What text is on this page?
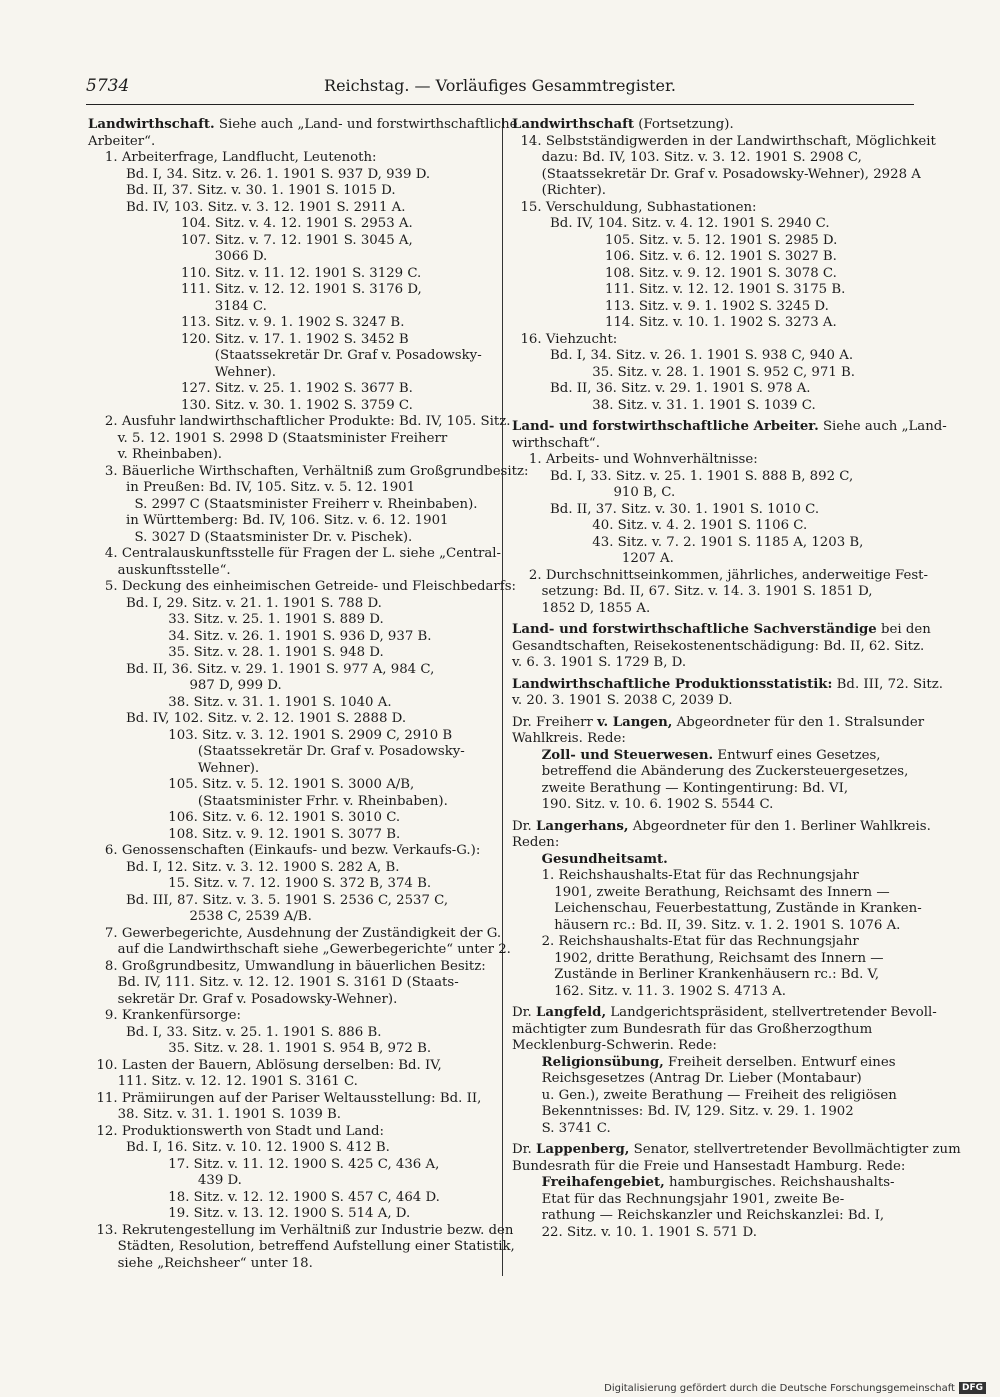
5734	Reichstag. — Vorläufiges Gesammtregister.
Landwirthschaft. Siehe auch „Land- und forstwirthschaftliche
Arbeiter“.
1. Arbeiterfrage, Landflucht, Leutenoth:
Bd. I, 34. Sitz. v. 26. 1. 1901 S. 937 D, 939 D.
Bd. II, 37. Sitz. v. 30. 1. 1901 S. 1015 D.
Bd. IV, 103. Sitz. v. 3. 12. 1901 S. 2911 A.
104. Sitz. v. 4. 12. 1901 S. 2953 A.
107. Sitz. v. 7. 12. 1901 S. 3045 A,
3066 D.
110. Sitz. v. 11. 12. 1901 S. 3129 C.
111. Sitz. v. 12. 12. 1901 S. 3176 D,
3184 C.
113. Sitz. v. 9. 1. 1902 S. 3247 B.
120. Sitz. v. 17. 1. 1902 S. 3452 B
(Staatssekretär Dr. Graf v. Posadowsky-
Wehner).
127. Sitz. v. 25. 1. 1902 S. 3677 B.
130. Sitz. v. 30. 1. 1902 S. 3759 C.
2. Ausfuhr landwirthschaftlicher Produkte: Bd. IV, 105. Sitz.
v. 5. 12. 1901 S. 2998 D (Staatsminister Freiherr
v. Rheinbaben).
3. Bäuerliche Wirthschaften, Verhältniß zum Großgrundbesitz:
in Preußen: Bd. IV, 105. Sitz. v. 5. 12. 1901
S. 2997 C (Staatsminister Freiherr v. Rheinbaben).
in Württemberg: Bd. IV, 106. Sitz. v. 6. 12. 1901
S. 3027 D (Staatsminister Dr. v. Pischek).
4. Centralauskunftsstelle für Fragen der L. siehe „Central-
auskunftsstelle“.
5. Deckung des einheimischen Getreide- und Fleischbedarfs:
Bd. I, 29. Sitz. v. 21. 1. 1901 S. 788 D.
33. Sitz. v. 25. 1. 1901 S. 889 D.
34. Sitz. v. 26. 1. 1901 S. 936 D, 937 B.
35. Sitz. v. 28. 1. 1901 S. 948 D.
Bd. II, 36. Sitz. v. 29. 1. 1901 S. 977 A, 984 C,
987 D, 999 D.
38. Sitz. v. 31. 1. 1901 S. 1040 A.
Bd. IV, 102. Sitz. v. 2. 12. 1901 S. 2888 D.
103. Sitz. v. 3. 12. 1901 S. 2909 C, 2910 B
(Staatssekretär Dr. Graf v. Posadowsky-
Wehner).
105. Sitz. v. 5. 12. 1901 S. 3000 A/B,
(Staatsminister Frhr. v. Rheinbaben).
106. Sitz. v. 6. 12. 1901 S. 3010 C.
108. Sitz. v. 9. 12. 1901 S. 3077 B.
6. Genossenschaften (Einkaufs- und bezw. Verkaufs-G.):
Bd. I, 12. Sitz. v. 3. 12. 1900 S. 282 A, B.
15. Sitz. v. 7. 12. 1900 S. 372 B, 374 B.
Bd. III, 87. Sitz. v. 3. 5. 1901 S. 2536 C, 2537 C,
2538 C, 2539 A/B.
7. Gewerbegerichte, Ausdehnung der Zuständigkeit der G.
auf die Landwirthschaft siehe „Gewerbegerichte“ unter 2.
8. Großgrundbesitz, Umwandlung in bäuerlichen Besitz:
Bd. IV, 111. Sitz. v. 12. 12. 1901 S. 3161 D (Staats-
sekretär Dr. Graf v. Posadowsky-Wehner).
9. Krankenfürsorge:
Bd. I, 33. Sitz. v. 25. 1. 1901 S. 886 B.
35. Sitz. v. 28. 1. 1901 S. 954 B, 972 B.
10. Lasten der Bauern, Ablösung derselben: Bd. IV,
111. Sitz. v. 12. 12. 1901 S. 3161 C.
11. Prämiirungen auf der Pariser Weltausstellung: Bd. II,
38. Sitz. v. 31. 1. 1901 S. 1039 B.
12. Produktionswerth von Stadt und Land:
Bd. I, 16. Sitz. v. 10. 12. 1900 S. 412 B.
17. Sitz. v. 11. 12. 1900 S. 425 C, 436 A,
439 D.
18. Sitz. v. 12. 12. 1900 S. 457 C, 464 D.
19. Sitz. v. 13. 12. 1900 S. 514 A, D.
13. Rekrutengestellung im Verhältniß zur Industrie bezw. den
Städten, Resolution, betreffend Aufstellung einer Statistik,
siehe „Reichsheer“ unter 18.
Landwirthschaft (Fortsetzung).
14. Selbstständigwerden in der Landwirthschaft, Möglichkeit
dazu: Bd. IV, 103. Sitz. v. 3. 12. 1901 S. 2908 C,
(Staatssekretär Dr. Graf v. Posadowsky-Wehner), 2928 A
(Richter).
15. Verschuldung, Subhastationen:
Bd. IV, 104. Sitz. v. 4. 12. 1901 S. 2940 C.
105. Sitz. v. 5. 12. 1901 S. 2985 D.
106. Sitz. v. 6. 12. 1901 S. 3027 B.
108. Sitz. v. 9. 12. 1901 S. 3078 C.
111. Sitz. v. 12. 12. 1901 S. 3175 B.
113. Sitz. v. 9. 1. 1902 S. 3245 D.
114. Sitz. v. 10. 1. 1902 S. 3273 A.
16. Viehzucht:
Bd. I, 34. Sitz. v. 26. 1. 1901 S. 938 C, 940 A.
35. Sitz. v. 28. 1. 1901 S. 952 C, 971 B.
Bd. II, 36. Sitz. v. 29. 1. 1901 S. 978 A.
38. Sitz. v. 31. 1. 1901 S. 1039 C.
Land- und forstwirthschaftliche Arbeiter. Siehe auch „Land-
wirthschaft“.
1. Arbeits- und Wohnverhältnisse:
Bd. I, 33. Sitz. v. 25. 1. 1901 S. 888 B, 892 C,
910 B, C.
Bd. II, 37. Sitz. v. 30. 1. 1901 S. 1010 C.
40. Sitz. v. 4. 2. 1901 S. 1106 C.
43. Sitz. v. 7. 2. 1901 S. 1185 A, 1203 B,
1207 A.
2. Durchschnittseinkommen, jährliches, anderweitige Fest-
setzung: Bd. II, 67. Sitz. v. 14. 3. 1901 S. 1851 D,
1852 D, 1855 A.
Land- und forstwirthschaftliche Sachverständige bei den
Gesandtschaften, Reisekostenentschädigung: Bd. II, 62. Sitz.
v. 6. 3. 1901 S. 1729 B, D.
Landwirthschaftliche Produktionsstatistik: Bd. III, 72. Sitz.
v. 20. 3. 1901 S. 2038 C, 2039 D.
Dr. Freiherr v. Langen, Abgeordneter für den 1. Stralsunder
Wahlkreis. Rede:
Zoll- und Steuerwesen. Entwurf eines Gesetzes,
betreffend die Abänderung des Zuckersteuergesetzes,
zweite Berathung — Kontingentirung: Bd. VI,
190. Sitz. v. 10. 6. 1902 S. 5544 C.
Dr. Langerhans, Abgeordneter für den 1. Berliner Wahlkreis.
Reden:
Gesundheitsamt.
1. Reichshaushalts-Etat für das Rechnungsjahr
1901, zweite Berathung, Reichsamt des Innern —
Leichenschau, Feuerbestattung, Zustände in Kranken-
häusern rc.: Bd. II, 39. Sitz. v. 1. 2. 1901 S. 1076 A.
2. Reichshaushalts-Etat für das Rechnungsjahr
1902, dritte Berathung, Reichsamt des Innern —
Zustände in Berliner Krankenhäusern rc.: Bd. V,
162. Sitz. v. 11. 3. 1902 S. 4713 A.
Dr. Langfeld, Landgerichtspräsident, stellvertretender Bevoll-
mächtigter zum Bundesrath für das Großherzogthum
Mecklenburg-Schwerin. Rede:
Religionsübung, Freiheit derselben. Entwurf eines
Reichsgesetzes (Antrag Dr. Lieber (Montabaur)
u. Gen.), zweite Berathung — Freiheit des religiösen
Bekenntnisses: Bd. IV, 129. Sitz. v. 29. 1. 1902
S. 3741 C.
Dr. Lappenberg, Senator, stellvertretender Bevollmächtigter zum
Bundesrath für die Freie und Hansestadt Hamburg. Rede:
Freihafengebiet, hamburgisches. Reichshaushalts-
Etat für das Rechnungsjahr 1901, zweite Be-
rathung — Reichskanzler und Reichskanzlei: Bd. I,
22. Sitz. v. 10. 1. 1901 S. 571 D.
Digitalisierung gefördert durch die Deutsche Forschungsgemeinschaft DFG
